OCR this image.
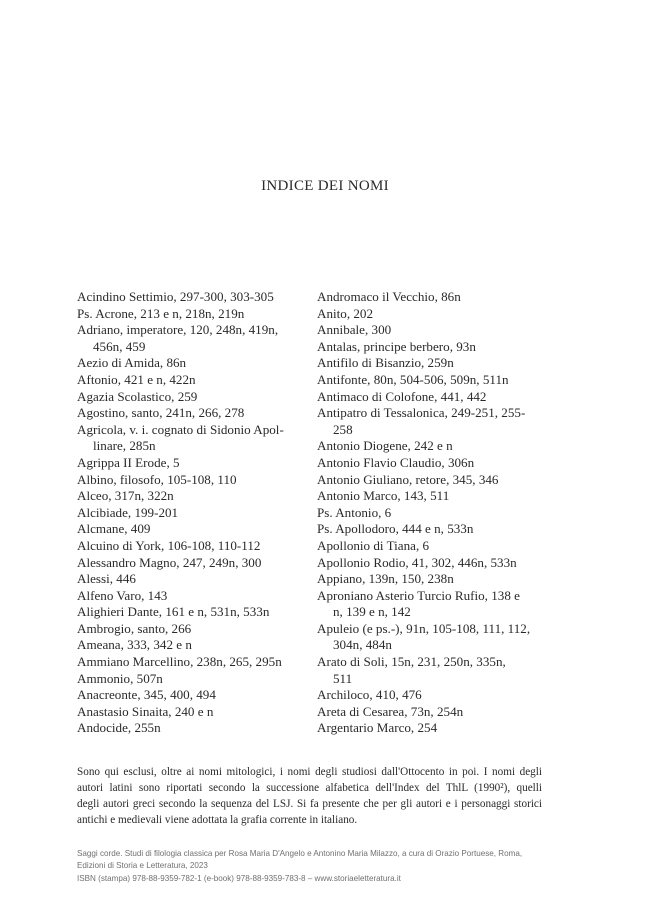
INDICE DEI NOMI
Acindino Settimio, 297-300, 303-305
Ps. Acrone, 213 e n, 218n, 219n
Adriano, imperatore, 120, 248n, 419n,
456n, 459
Aezio di Amida, 86n
Aftonio, 421 e n, 422n
Agazia Scolastico, 259
Agostino, santo, 241n, 266, 278
Agricola, v. i. cognato di Sidonio Apol-
linare, 285n
Agrippa II Erode, 5
Albino, filosofo, 105-108, 110
Alceo, 317n, 322n
Alcibiade, 199-201
Alcmane, 409
Alcuino di York, 106-108, 110-112
Alessandro Magno, 247, 249n, 300
Alessi, 446
Alfeno Varo, 143
Alighieri Dante, 161 e n, 531n, 533n
Ambrogio, santo, 266
Ameana, 333, 342 e n
Ammiano Marcellino, 238n, 265, 295n
Ammonio, 507n
Anacreonte, 345, 400, 494
Anastasio Sinaita, 240 e n
Andocide, 255n
Andromaco il Vecchio, 86n
Anito, 202
Annibale, 300
Antalas, principe berbero, 93n
Antifilo di Bisanzio, 259n
Antifonte, 80n, 504-506, 509n, 511n
Antimaco di Colofone, 441, 442
Antipatro di Tessalonica, 249-251, 255-
258
Antonio Diogene, 242 e n
Antonio Flavio Claudio, 306n
Antonio Giuliano, retore, 345, 346
Antonio Marco, 143, 511
Ps. Antonio, 6
Ps. Apollodoro, 444 e n, 533n
Apollonio di Tiana, 6
Apollonio Rodio, 41, 302, 446n, 533n
Appiano, 139n, 150, 238n
Aproniano Asterio Turcio Rufio, 138 e
n, 139 e n, 142
Apuleio (e ps.-), 91n, 105-108, 111, 112,
304n, 484n
Arato di Soli, 15n, 231, 250n, 335n,
511
Archiloco, 410, 476
Areta di Cesarea, 73n, 254n
Argentario Marco, 254
Sono qui esclusi, oltre ai nomi mitologici, i nomi degli studiosi dall'Ottocento in poi. I nomi degli
autori latini sono riportati secondo la successione alfabetica dell'Index del ThlL (1990²), quelli
degli autori greci secondo la sequenza del LSJ. Si fa presente che per gli autori e i personaggi storici
antichi e medievali viene adottata la grafia corrente in italiano.
Saggi corde. Studi di filologia classica per Rosa Maria D'Angelo e Antonino Maria Milazzo, a cura di Orazio Portuese, Roma,
Edizioni di Storia e Letteratura, 2023
ISBN (stampa) 978-88-9359-782-1 (e-book) 978-88-9359-783-8 – www.storiaeletteratura.it
